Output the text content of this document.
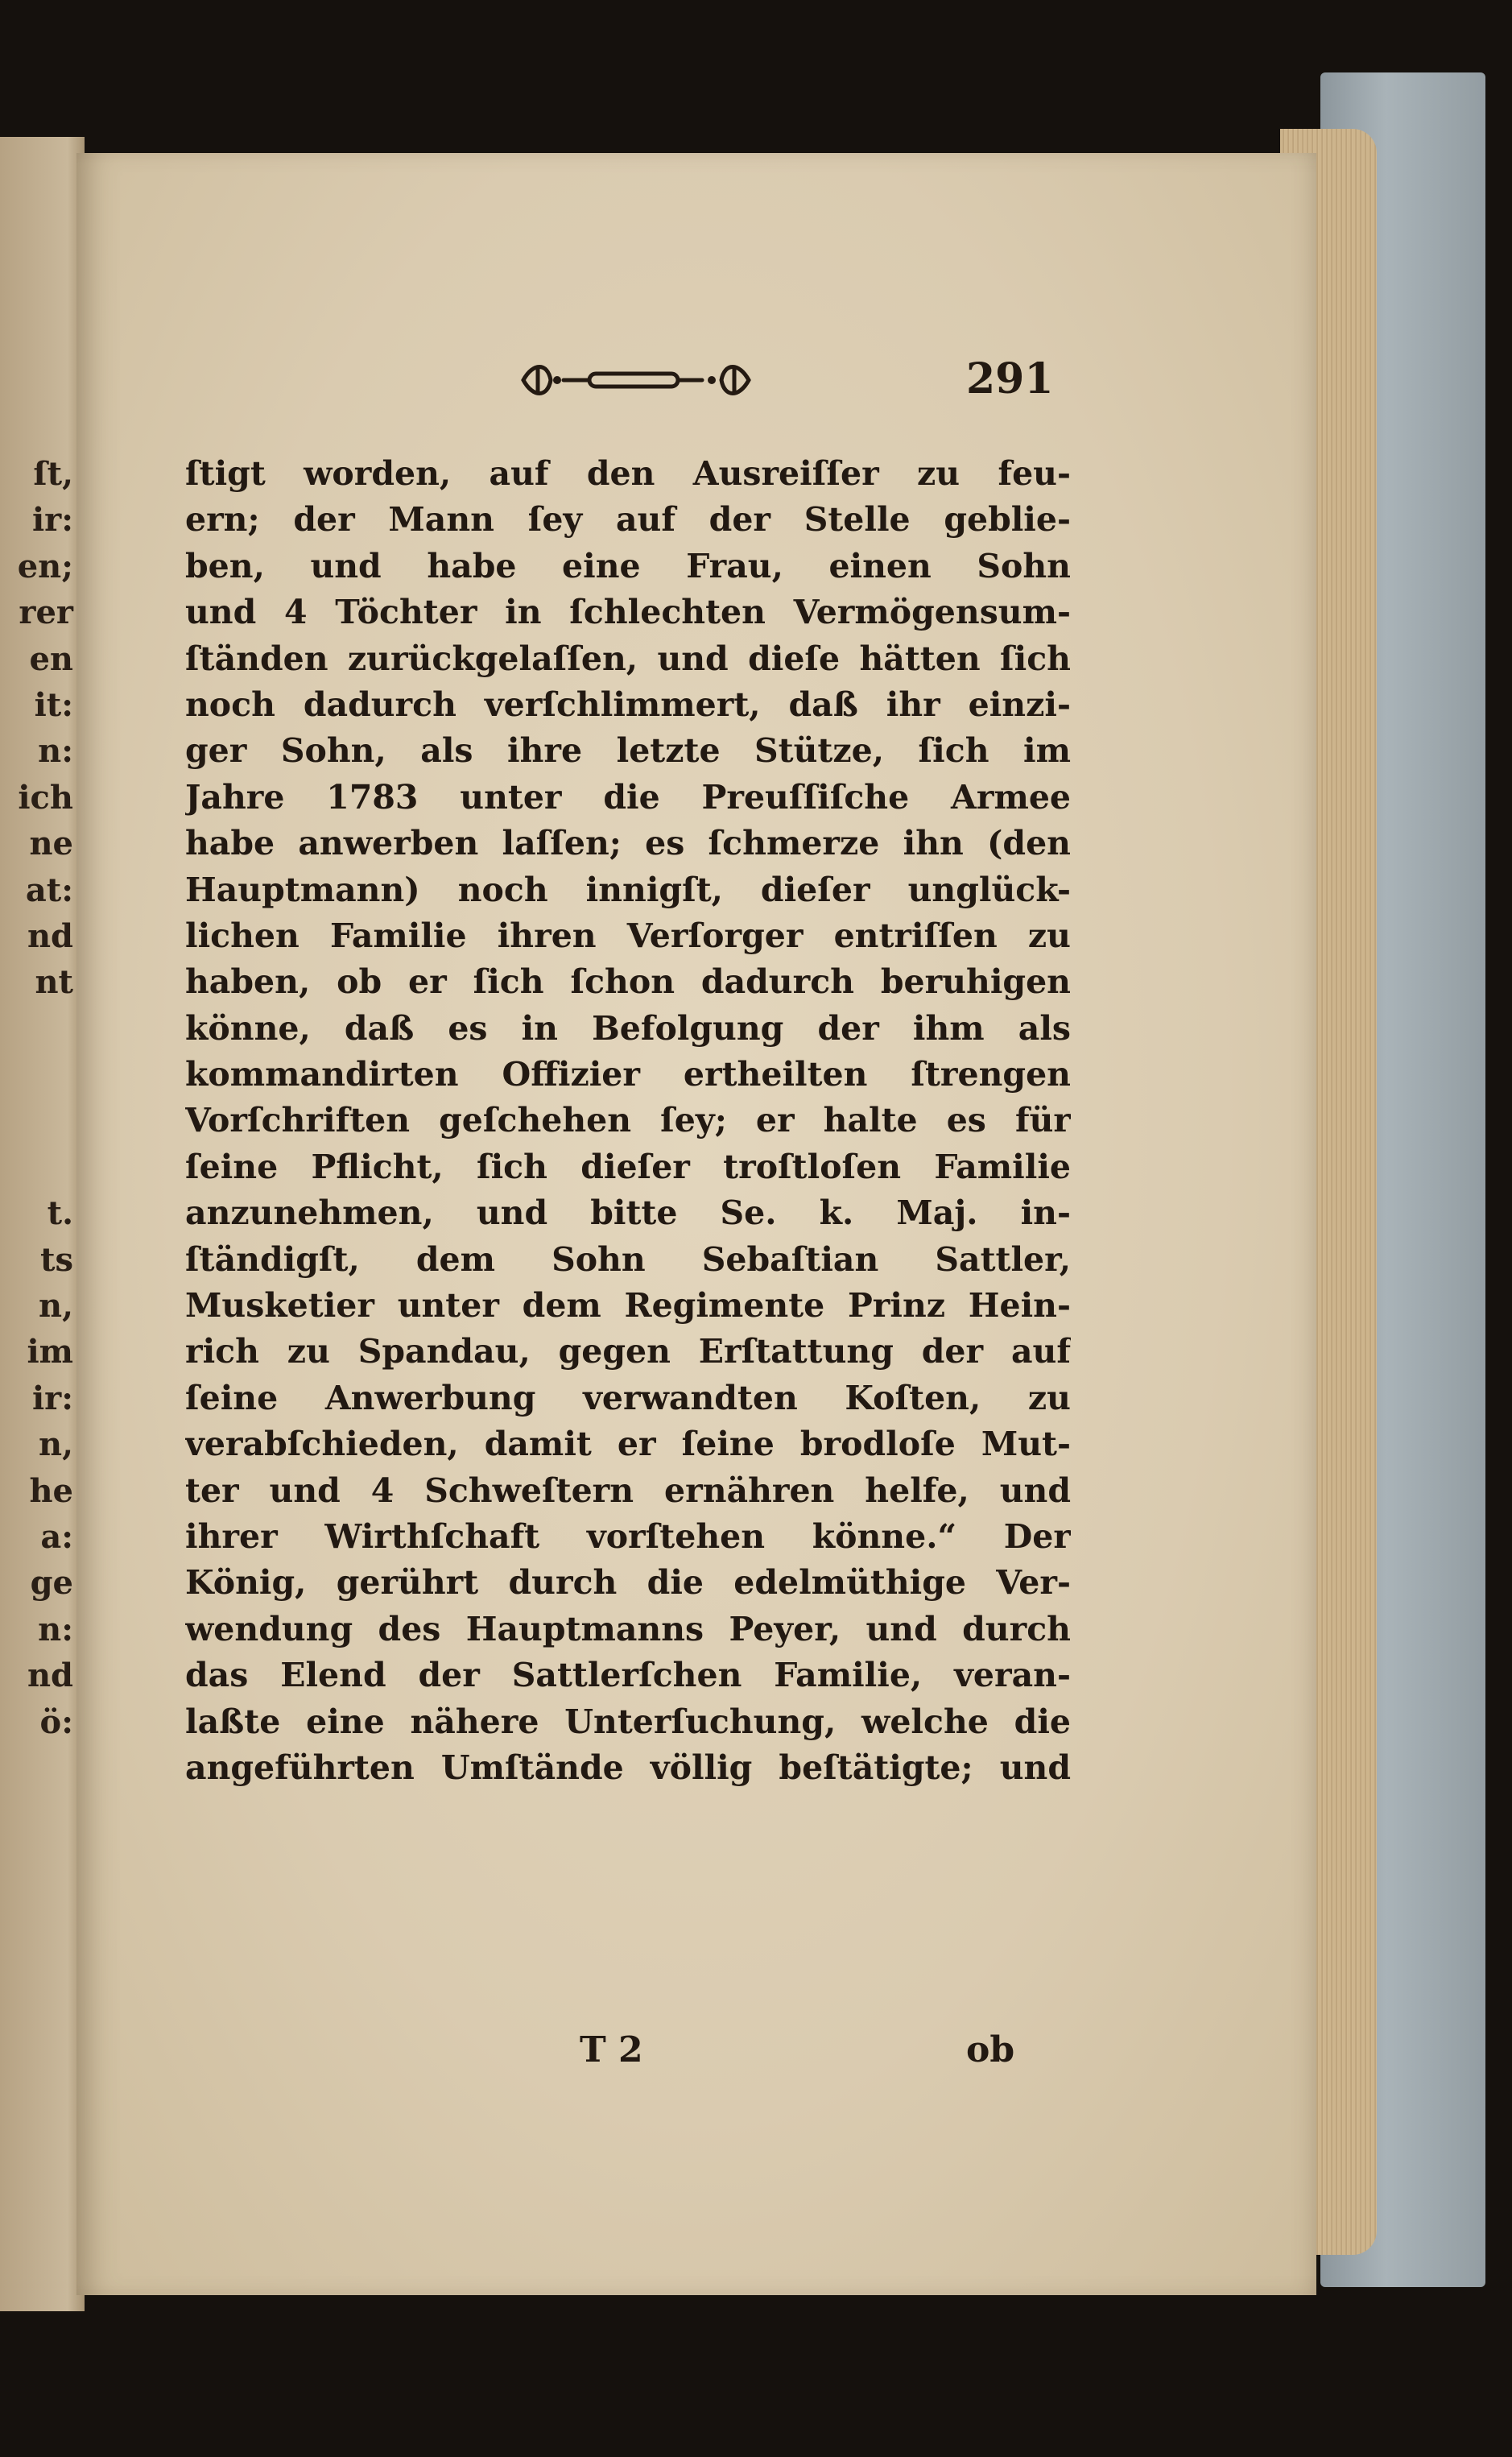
ſt,
ir:
en;
rer
en
it:
n:
ich
ne
at:
nd
nt
t.
ts
n,
im
ir:
n,
he
a:
ge
n:
nd
ö:
291
ſtigt worden, auf den Ausreiſſer zu feu-
ern; der Mann ſey auf der Stelle geblie-
ben, und habe eine Frau, einen Sohn
und 4 Töchter in ſchlechten Vermögensum-
ſtänden zurückgelaſſen, und dieſe hätten ſich
noch dadurch verſchlimmert, daß ihr einzi-
ger Sohn, als ihre letzte Stütze, ſich im
Jahre 1783 unter die Preuſſiſche Armee
habe anwerben laſſen; es ſchmerze ihn (den
Hauptmann) noch innigſt, dieſer unglück-
lichen Familie ihren Verſorger entriſſen zu
haben, ob er ſich ſchon dadurch beruhigen
könne, daß es in Befolgung der ihm als
kommandirten Offizier ertheilten ſtrengen
Vorſchriften geſchehen ſey; er halte es für
ſeine Pflicht, ſich dieſer troſtloſen Familie
anzunehmen, und bitte Se. k. Maj. in-
ſtändigſt, dem Sohn Sebaſtian Sattler,
Musketier unter dem Regimente Prinz Hein-
rich zu Spandau, gegen Erſtattung der auf
ſeine Anwerbung verwandten Koſten, zu
verabſchieden, damit er ſeine brodloſe Mut-
ter und 4 Schweſtern ernähren helfe, und
ihrer Wirthſchaft vorſtehen könne.“ Der
König, gerührt durch die edelmüthige Ver-
wendung des Hauptmanns Peyer, und durch
das Elend der Sattlerſchen Familie, veran-
laßte eine nähere Unterſuchung, welche die
angeführten Umſtände völlig beſtätigte; und
T 2	ob
